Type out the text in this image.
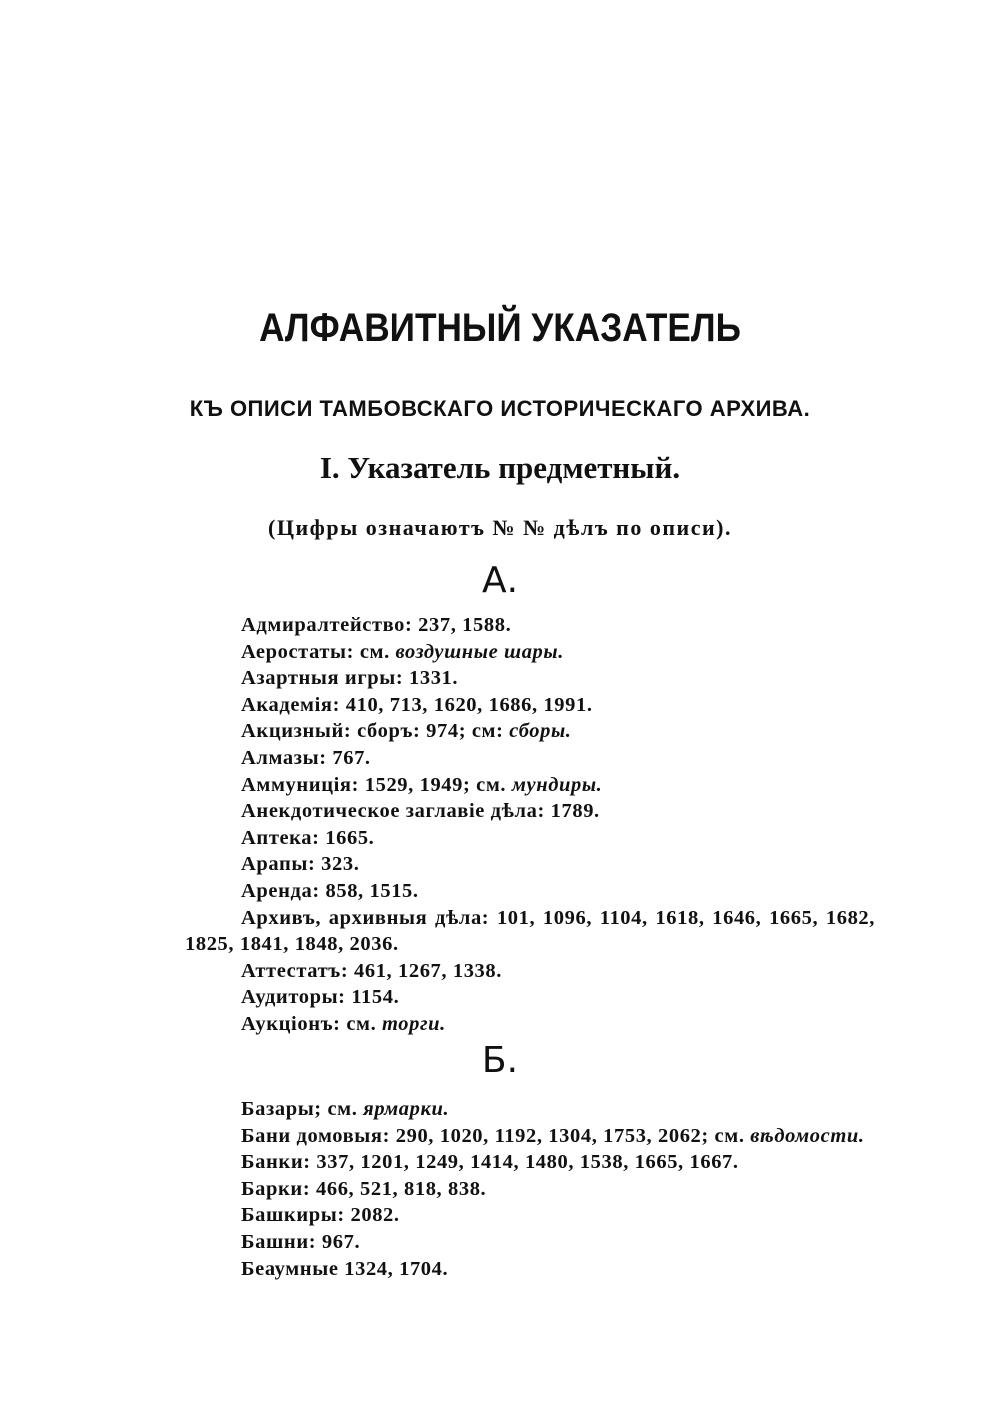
АЛФАВИТНЫЙ УКАЗАТЕЛЬ
КЪ ОПИСИ ТАМБОВСКАГО ИСТОРИЧЕСКАГО АРХИВА.
I. Указатель предметный.
(Цифры означаютъ № № дѣлъ по описи).
А.
Адмиралтейство: 237, 1588.
Аеростаты: см. воздушные шары.
Азартныя игры: 1331.
Академія: 410, 713, 1620, 1686, 1991.
Акцизный: сборъ: 974; см: сборы.
Алмазы: 767.
Аммуниція: 1529, 1949; см. мундиры.
Анекдотическое заглавіе дѣла: 1789.
Аптека: 1665.
Арапы: 323.
Аренда: 858, 1515.
Архивъ, архивныя дѣла: 101, 1096, 1104, 1618, 1646, 1665, 1682, 1825, 1841, 1848, 2036.
Аттестатъ: 461, 1267, 1338.
Аудиторы: 1154.
Аукціонъ: см. торги.
Б.
Базары; см. ярмарки.
Бани домовыя: 290, 1020, 1192, 1304, 1753, 2062; см. вѣдомости.
Банки: 337, 1201, 1249, 1414, 1480, 1538, 1665, 1667.
Барки: 466, 521, 818, 838.
Башкиры: 2082.
Башни: 967.
Беаумные 1324, 1704.
